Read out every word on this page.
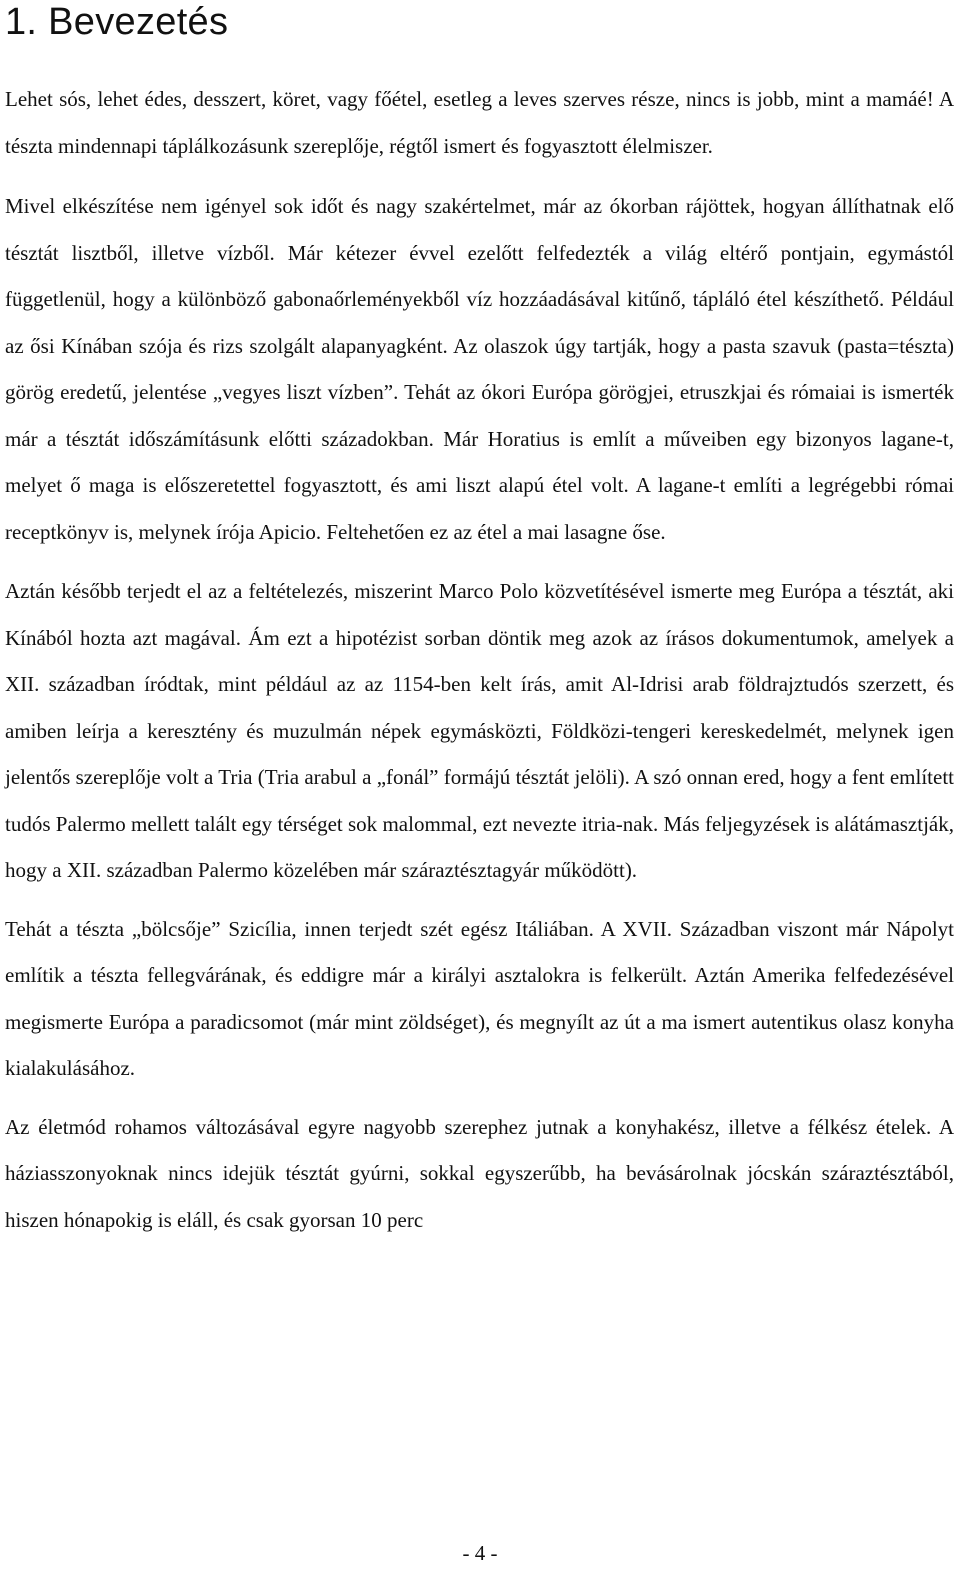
1. Bevezetés

Lehet sós, lehet édes, desszert, köret, vagy főétel, esetleg a leves szerves része, nincs is jobb, mint a mamáé! A tészta mindennapi táplálkozásunk szereplője, régtől ismert és fogyasztott élelmiszer.

Mivel elkészítése nem igényel sok időt és nagy szakértelmet, már az ókorban rájöttek, hogyan állíthatnak elő tésztát lisztből, illetve vízből. Már kétezer évvel ezelőtt felfedezték a világ eltérő pontjain, egymástól függetlenül, hogy a különböző gabonaőrleményekből víz hozzáadásával kitűnő, tápláló étel készíthető. Például az ősi Kínában szója és rizs szolgált alapanyagként. Az olaszok úgy tartják, hogy a pasta szavuk (pasta=tészta) görög eredetű, jelentése „vegyes liszt vízben”. Tehát az ókori Európa görögjei, etruszkjai és rómaiai is ismerték már a tésztát időszámításunk előtti századokban. Már Horatius is említ a műveiben egy bizonyos lagane-t, melyet ő maga is előszeretettel fogyasztott, és ami liszt alapú étel volt. A lagane-t említi a legrégebbi római receptkönyv is, melynek írója Apicio. Feltehetően ez az étel a mai lasagne őse.

Aztán később terjedt el az a feltételezés, miszerint Marco Polo közvetítésével ismerte meg Európa a tésztát, aki Kínából hozta azt magával. Ám ezt a hipotézist sorban döntik meg azok az írásos dokumentumok, amelyek a XII. században íródtak, mint például az az 1154-ben kelt írás, amit Al-Idrisi arab földrajztudós szerzett, és amiben leírja a keresztény és muzulmán népek egymásközti, Földközi-tengeri kereskedelmét, melynek igen jelentős szereplője volt a Tria (Tria arabul a „fonál” formájú tésztát jelöli). A szó onnan ered, hogy a fent említett tudós Palermo mellett talált egy térséget sok malommal, ezt nevezte itria-nak. Más feljegyzések is alátámasztják, hogy a XII. században Palermo közelében már száraztésztagyár működött).

Tehát a tészta „bölcsője” Szicília, innen terjedt szét egész Itáliában. A XVII. Században viszont már Nápolyt említik a tészta fellegvárának, és eddigre már a királyi asztalokra is felkerült. Aztán Amerika felfedezésével megismerte Európa a paradicsomot (már mint zöldséget), és megnyílt az út a ma ismert autentikus olasz konyha kialakulásához.

Az életmód rohamos változásával egyre nagyobb szerephez jutnak a konyhakész, illetve a félkész ételek. A háziasszonyoknak nincs idejük tésztát gyúrni, sokkal egyszerűbb, ha bevásárolnak jócskán száraztésztából, hiszen hónapokig is eláll, és csak gyorsan 10 perc

- 4 -
